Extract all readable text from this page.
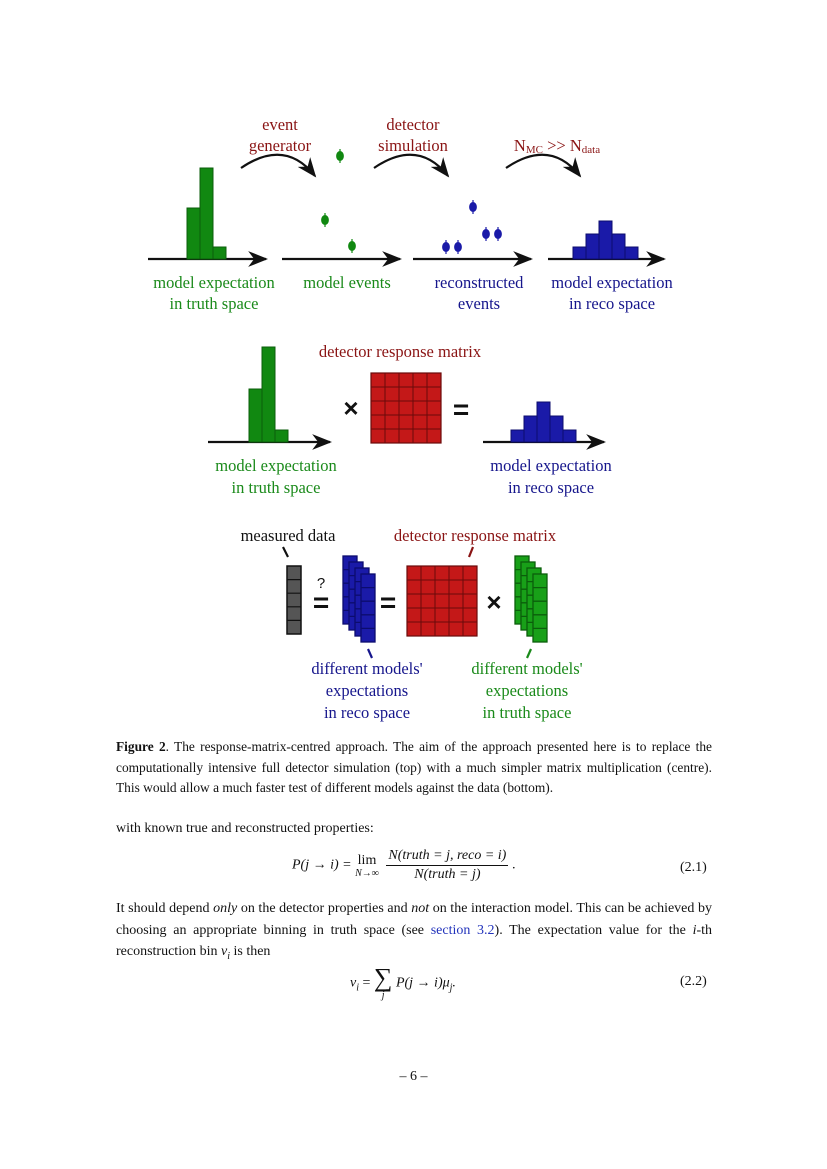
event
generator
detector
simulation	NMC >> Ndata
model expectation
in truth space
model events	reconstructed
events
model expectation
in reco space
×
detector response matrix
=
model expectation
in truth space
model expectation
in reco space
measured data	detector response matrix
?
= =	×
different models'
expectations
in reco space
different models'
expectations
in truth space
Figure 2. The response-matrix-centred approach. The aim of the approach presented here is to replace the computationally intensive full detector simulation (top) with a much simpler matrix multiplication (centre). This would allow a much faster test of different models against the data (bottom).
with known true and reconstructed properties:
P(j → i) = lim
N→∞
$\frac{\text{N(truth = j, reco = i)}}{\text{N(truth = j)}}$ .	(2.1)
It should depend only on the detector properties and not on the interaction model. This can be achieved by choosing an appropriate binning in truth space (see section 3.2). The expectation value for the i-th reconstruction bin $\nu_i$ is then
$\nu_i$ = ∑
j
$P(j \to i)\mu_j$.	(2.2)
– 6 –
